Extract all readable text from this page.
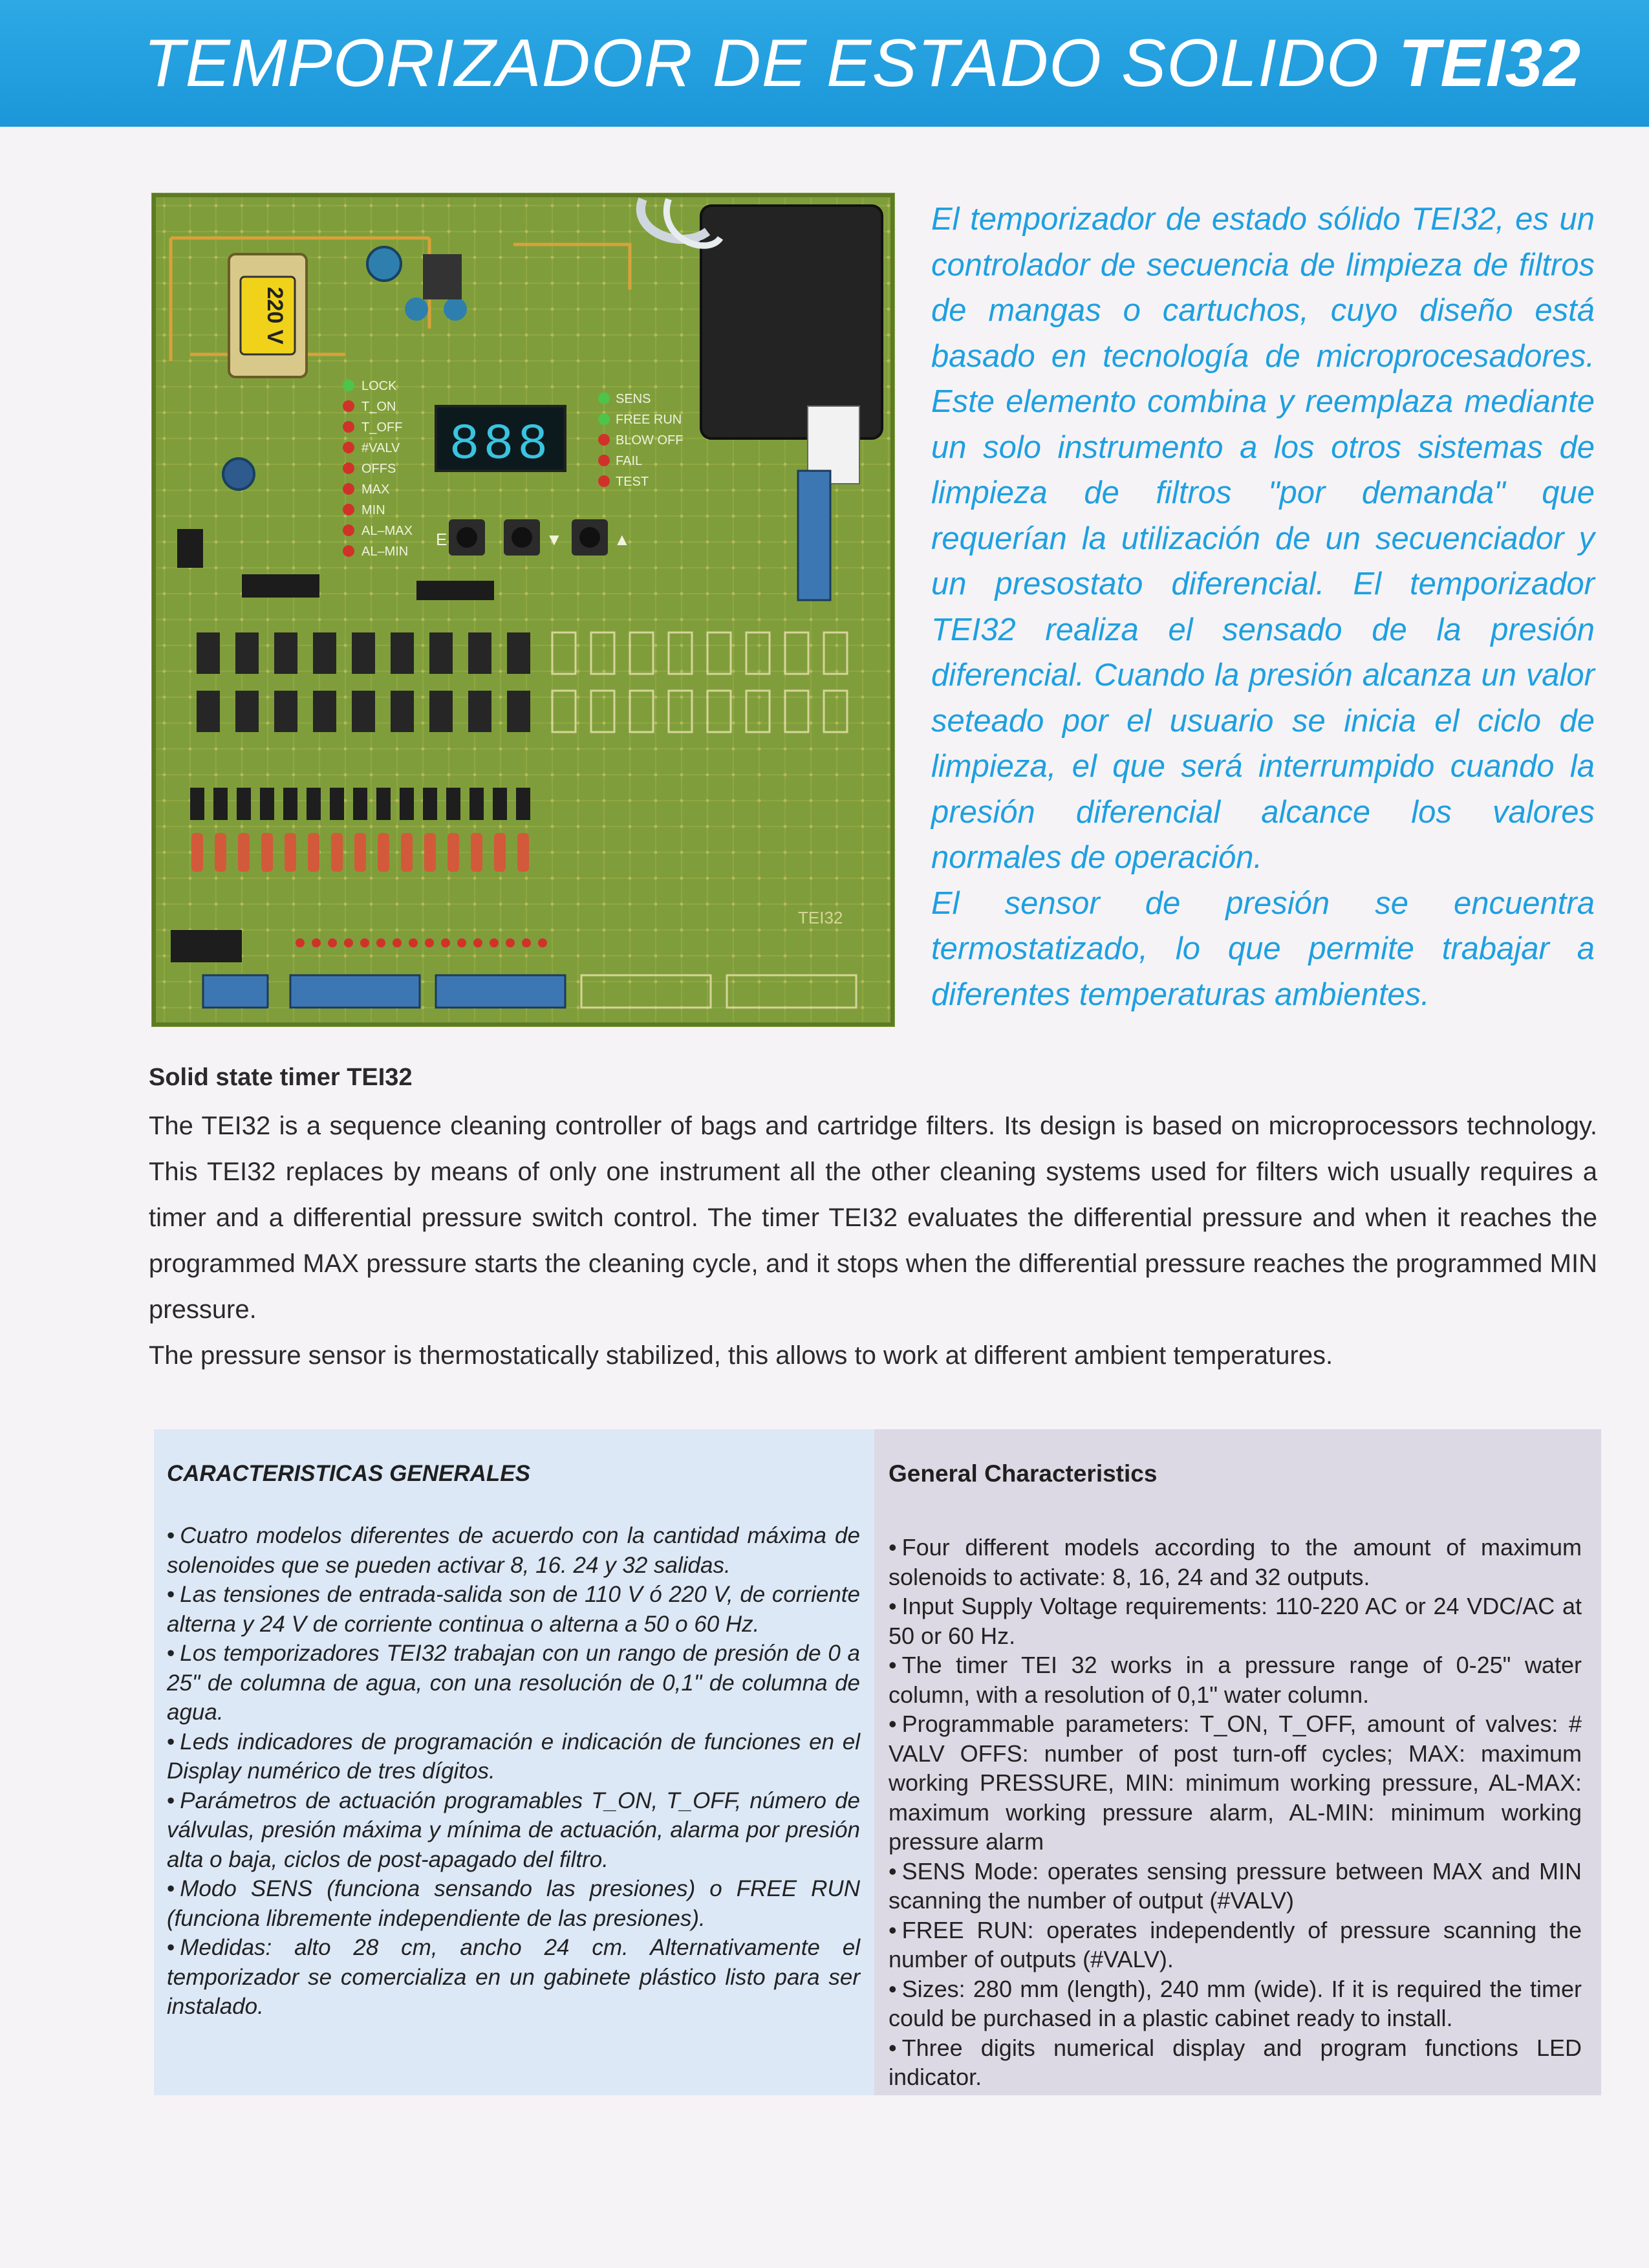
TEMPORIZADOR DE ESTADO SOLIDO TEI32
220 V
LOCK
T_ON
T_OFF
#VALV
OFFS
MAX
MIN
AL–MAX
AL–MIN
888
SENS
FREE RUN
BLOW OFF
FAIL
TEST
E	▼	▲
TEI32

El temporizador de estado sólido TEI32, es un controlador de secuencia de limpieza de filtros de mangas o cartuchos, cuyo diseño está basado en tecnología de microprocesadores. Este elemento combina y reemplaza mediante un solo instrumento a los otros sistemas de limpieza de filtros "por demanda" que requerían la utilización de un secuenciador y un presostato diferencial. El temporizador TEI32 realiza el sensado de la presión diferencial. Cuando la presión alcanza un valor seteado por el usuario se inicia el ciclo de limpieza, el que será interrumpido cuando la presión diferencial alcance los valores normales de operación.

El sensor de presión se encuentra termostatizado, lo que permite trabajar a diferentes temperaturas ambientes.

Solid state timer TEI32

The TEI32 is a sequence cleaning controller of bags and cartridge filters. Its design is based on microprocessors technology. This TEI32 replaces by means of only one instrument all the other cleaning systems used for filters wich usually requires a timer and a differential pressure switch control. The timer TEI32 evaluates the differential pressure and when it reaches the programmed MAX pressure starts the cleaning cycle, and it stops when the differential pressure reaches the programmed MIN pressure.

The pressure sensor is thermostatically stabilized, this allows to work at different ambient temperatures.

CARACTERISTICAS GENERALES
• Cuatro modelos diferentes de acuerdo con la cantidad máxima de solenoides que se pueden activar 8, 16. 24 y 32 salidas.
• Las tensiones de entrada-salida son de 110 V ó 220 V, de corriente alterna y 24 V de corriente continua o alterna a 50 o 60 Hz.
• Los temporizadores TEI32 trabajan con un rango de presión de 0 a 25" de columna de agua, con una resolución de 0,1" de columna de agua.
• Leds indicadores de programación e indicación de funciones en el Display numérico de tres dígitos.
• Parámetros de actuación programables T_ON, T_OFF, número de válvulas, presión máxima y mínima de actuación, alarma por presión alta o baja, ciclos de post-apagado del filtro.
• Modo SENS (funciona sensando las presiones) o FREE RUN (funciona libremente independiente de las presiones).
• Medidas: alto 28 cm, ancho 24 cm. Alternativamente el temporizador se comercializa en un gabinete plástico listo para ser instalado.
General Characteristics
• Four different models according to the amount of maximum solenoids to activate: 8, 16, 24 and 32 outputs.
• Input Supply Voltage requirements: 110-220 AC or 24 VDC/AC at 50 or 60 Hz.
• The timer TEI 32 works in a pressure range of 0-25" water column, with a resolution of 0,1" water column.
• Programmable parameters: T_ON, T_OFF, amount of valves: # VALV OFFS: number of post turn-off cycles; MAX: maximum working PRESSURE, MIN: minimum working pressure, AL-MAX: maximum working pressure alarm, AL-MIN: minimum working pressure alarm
• SENS Mode: operates sensing pressure between MAX and MIN scanning the number of output (#VALV)
• FREE RUN: operates independently of pressure scanning the number of outputs (#VALV).
• Sizes: 280 mm (length), 240 mm (wide). If it is required the timer could be purchased in a plastic cabinet ready to install.
• Three digits numerical display and program functions LED indicator.
